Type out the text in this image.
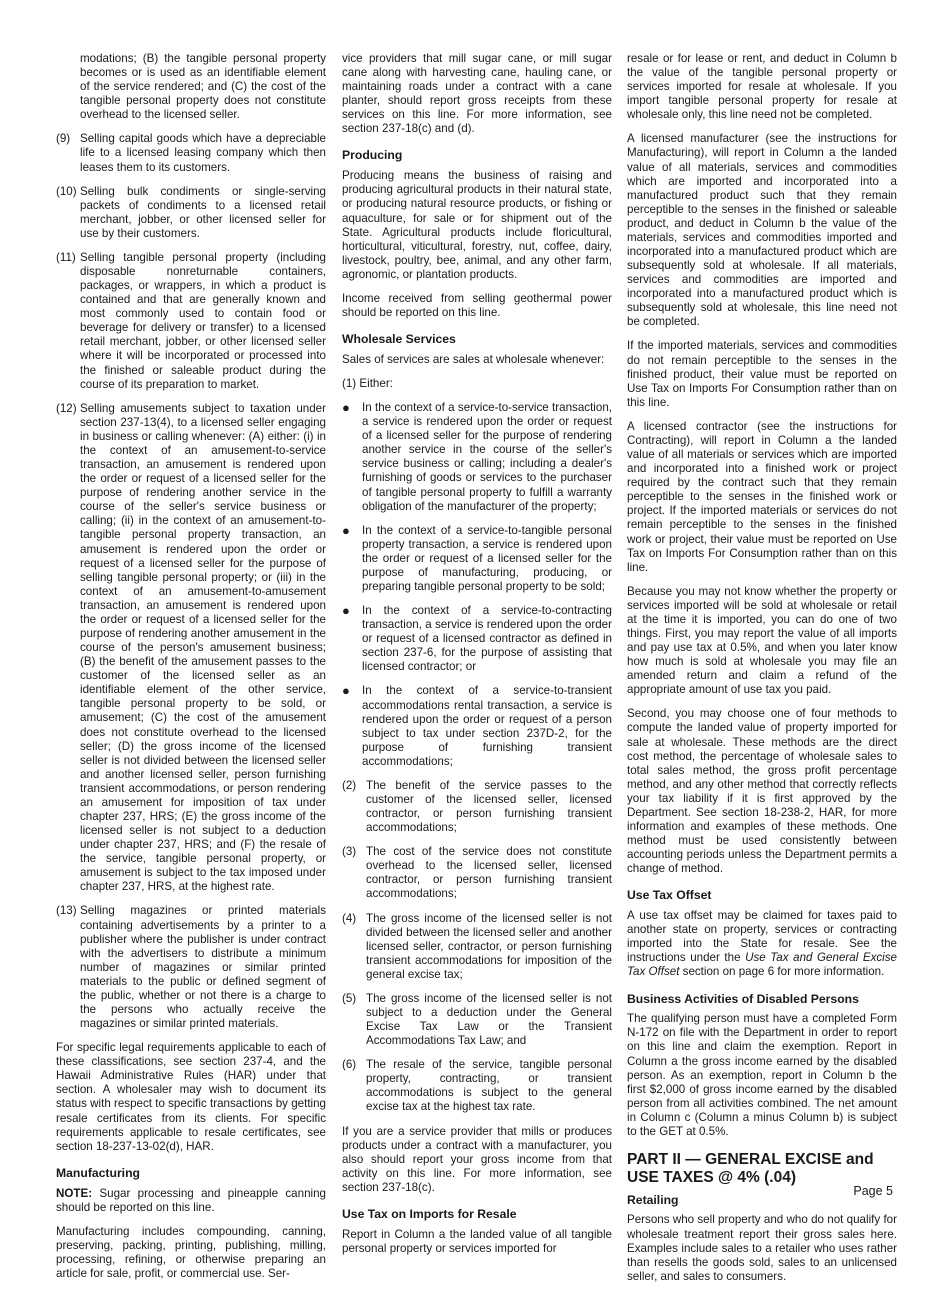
modations; (B) the tangible personal property becomes or is used as an identifiable element of the service rendered; and (C) the cost of the tangible personal property does not constitute overhead to the licensed seller.

(9) Selling capital goods which have a depreciable life to a licensed leasing company which then leases them to its customers.
(10) Selling bulk condiments or single-serving packets of condiments to a licensed retail merchant, jobber, or other licensed seller for use by their customers.
(11) Selling tangible personal property (including disposable nonreturnable containers, packages, or wrappers, in which a product is contained and that are generally known and most commonly used to contain food or beverage for delivery or transfer) to a licensed retail merchant, jobber, or other licensed seller where it will be incorporated or processed into the finished or saleable product during the course of its preparation to market.
(12) Selling amusements subject to taxation under section 237-13(4), to a licensed seller engaging in business or calling whenever: (A) either: (i) in the context of an amusement-to-service transaction, an amusement is rendered upon the order or request of a licensed seller for the purpose of rendering another service in the course of the seller's service business or calling; (ii) in the context of an amusement-to-tangible personal property transaction, an amusement is rendered upon the order or request of a licensed seller for the purpose of selling tangible personal property; or (iii) in the context of an amusement-to-amusement transaction, an amusement is rendered upon the order or request of a licensed seller for the purpose of rendering another amusement in the course of the person's amusement business; (B) the benefit of the amusement passes to the customer of the licensed seller as an identifiable element of the other service, tangible personal property to be sold, or amusement; (C) the cost of the amusement does not constitute overhead to the licensed seller; (D) the gross income of the licensed seller is not divided between the licensed seller and another licensed seller, person furnishing transient accommodations, or person rendering an amusement for imposition of tax under chapter 237, HRS; (E) the gross income of the licensed seller is not subject to a deduction under chapter 237, HRS; and (F) the resale of the service, tangible personal property, or amusement is subject to the tax imposed under chapter 237, HRS, at the highest rate.
(13) Selling magazines or printed materials containing advertisements by a printer to a publisher where the publisher is under contract with the advertisers to distribute a minimum number of magazines or similar printed materials to the public or defined segment of the public, whether or not there is a charge to the persons who actually receive the magazines or similar printed materials.

For specific legal requirements applicable to each of these classifications, see section 237-4, and the Hawaii Administrative Rules (HAR) under that section. A wholesaler may wish to document its status with respect to specific transactions by getting resale certificates from its clients. For specific requirements applicable to resale certificates, see section 18-237-13-02(d), HAR.

Manufacturing

NOTE: Sugar processing and pineapple canning should be reported on this line.

Manufacturing includes compounding, canning, preserving, packing, printing, publishing, milling, processing, refining, or otherwise preparing an article for sale, profit, or commercial use. Ser-

vice providers that mill sugar cane, or mill sugar cane along with harvesting cane, hauling cane, or maintaining roads under a contract with a cane planter, should report gross receipts from these services on this line. For more information, see section 237-18(c) and (d).

Producing

Producing means the business of raising and producing agricultural products in their natural state, or producing natural resource products, or fishing or aquaculture, for sale or for shipment out of the State. Agricultural products include floricultural, horticultural, viticultural, forestry, nut, coffee, dairy, livestock, poultry, bee, animal, and any other farm, agronomic, or plantation products.

Income received from selling geothermal power should be reported on this line.

Wholesale Services

Sales of services are sales at wholesale whenever:

(1) Either:

●	In the context of a service-to-service transaction, a service is rendered upon the order or request of a licensed seller for the purpose of rendering another service in the course of the seller's service business or calling; including a dealer's furnishing of goods or services to the purchaser of tangible personal property to fulfill a warranty obligation of the manufacturer of the property;
●	In the context of a service-to-tangible personal property transaction, a service is rendered upon the order or request of a licensed seller for the purpose of manufacturing, producing, or preparing tangible personal property to be sold;
●	In the context of a service-to-contracting transaction, a service is rendered upon the order or request of a licensed contractor as defined in section 237-6, for the purpose of assisting that licensed contractor; or
●	In the context of a service-to-transient accommodations rental transaction, a service is rendered upon the order or request of a person subject to tax under section 237D-2, for the purpose of furnishing transient accommodations;
(2) The benefit of the service passes to the customer of the licensed seller, licensed contractor, or person furnishing transient accommodations;
(3) The cost of the service does not constitute overhead to the licensed seller, licensed contractor, or person furnishing transient accommodations;
(4) The gross income of the licensed seller is not divided between the licensed seller and another licensed seller, contractor, or person furnishing transient accommodations for imposition of the general excise tax;
(5) The gross income of the licensed seller is not subject to a deduction under the General Excise Tax Law or the Transient Accommodations Tax Law; and
(6) The resale of the service, tangible personal property, contracting, or transient accommodations is subject to the general excise tax at the highest tax rate.

If you are a service provider that mills or produces products under a contract with a manufacturer, you also should report your gross income from that activity on this line. For more information, see section 237-18(c).

Use Tax on Imports for Resale

Report in Column a the landed value of all tangible personal property or services imported for

resale or for lease or rent, and deduct in Column b the value of the tangible personal property or services imported for resale at wholesale. If you import tangible personal property for resale at wholesale only, this line need not be completed.

A licensed manufacturer (see the instructions for Manufacturing), will report in Column a the landed value of all materials, services and commodities which are imported and incorporated into a manufactured product such that they remain perceptible to the senses in the finished or saleable product, and deduct in Column b the value of the materials, services and commodities imported and incorporated into a manufactured product which are subsequently sold at wholesale. If all materials, services and commodities are imported and incorporated into a manufactured product which is subsequently sold at wholesale, this line need not be completed.

If the imported materials, services and commodities do not remain perceptible to the senses in the finished product, their value must be reported on Use Tax on Imports For Consumption rather than on this line.

A licensed contractor (see the instructions for Contracting), will report in Column a the landed value of all materials or services which are imported and incorporated into a finished work or project required by the contract such that they remain perceptible to the senses in the finished work or project. If the imported materials or services do not remain perceptible to the senses in the finished work or project, their value must be reported on Use Tax on Imports For Consumption rather than on this line.

Because you may not know whether the property or services imported will be sold at wholesale or retail at the time it is imported, you can do one of two things. First, you may report the value of all imports and pay use tax at 0.5%, and when you later know how much is sold at wholesale you may file an amended return and claim a refund of the appropriate amount of use tax you paid.

Second, you may choose one of four methods to compute the landed value of property imported for sale at wholesale. These methods are the direct cost method, the percentage of wholesale sales to total sales method, the gross profit percentage method, and any other method that correctly reflects your tax liability if it is first approved by the Department. See section 18-238-2, HAR, for more information and examples of these methods. One method must be used consistently between accounting periods unless the Department permits a change of method.

Use Tax Offset

A use tax offset may be claimed for taxes paid to another state on property, services or contracting imported into the State for resale. See the instructions under the Use Tax and General Excise Tax Offset section on page 6 for more information.

Business Activities of Disabled Persons

The qualifying person must have a completed Form N-172 on file with the Department in order to report on this line and claim the exemption. Report in Column a the gross income earned by the disabled person. As an exemption, report in Column b the first $2,000 of gross income earned by the disabled person from all activities combined. The net amount in Column c (Column a minus Column b) is subject to the GET at 0.5%.

PART II — GENERAL EXCISE and USE TAXES @ 4% (.04)
Retailing

Persons who sell property and who do not qualify for wholesale treatment report their gross sales here. Examples include sales to a retailer who uses rather than resells the goods sold, sales to an unlicensed seller, and sales to consumers.

Page 5
